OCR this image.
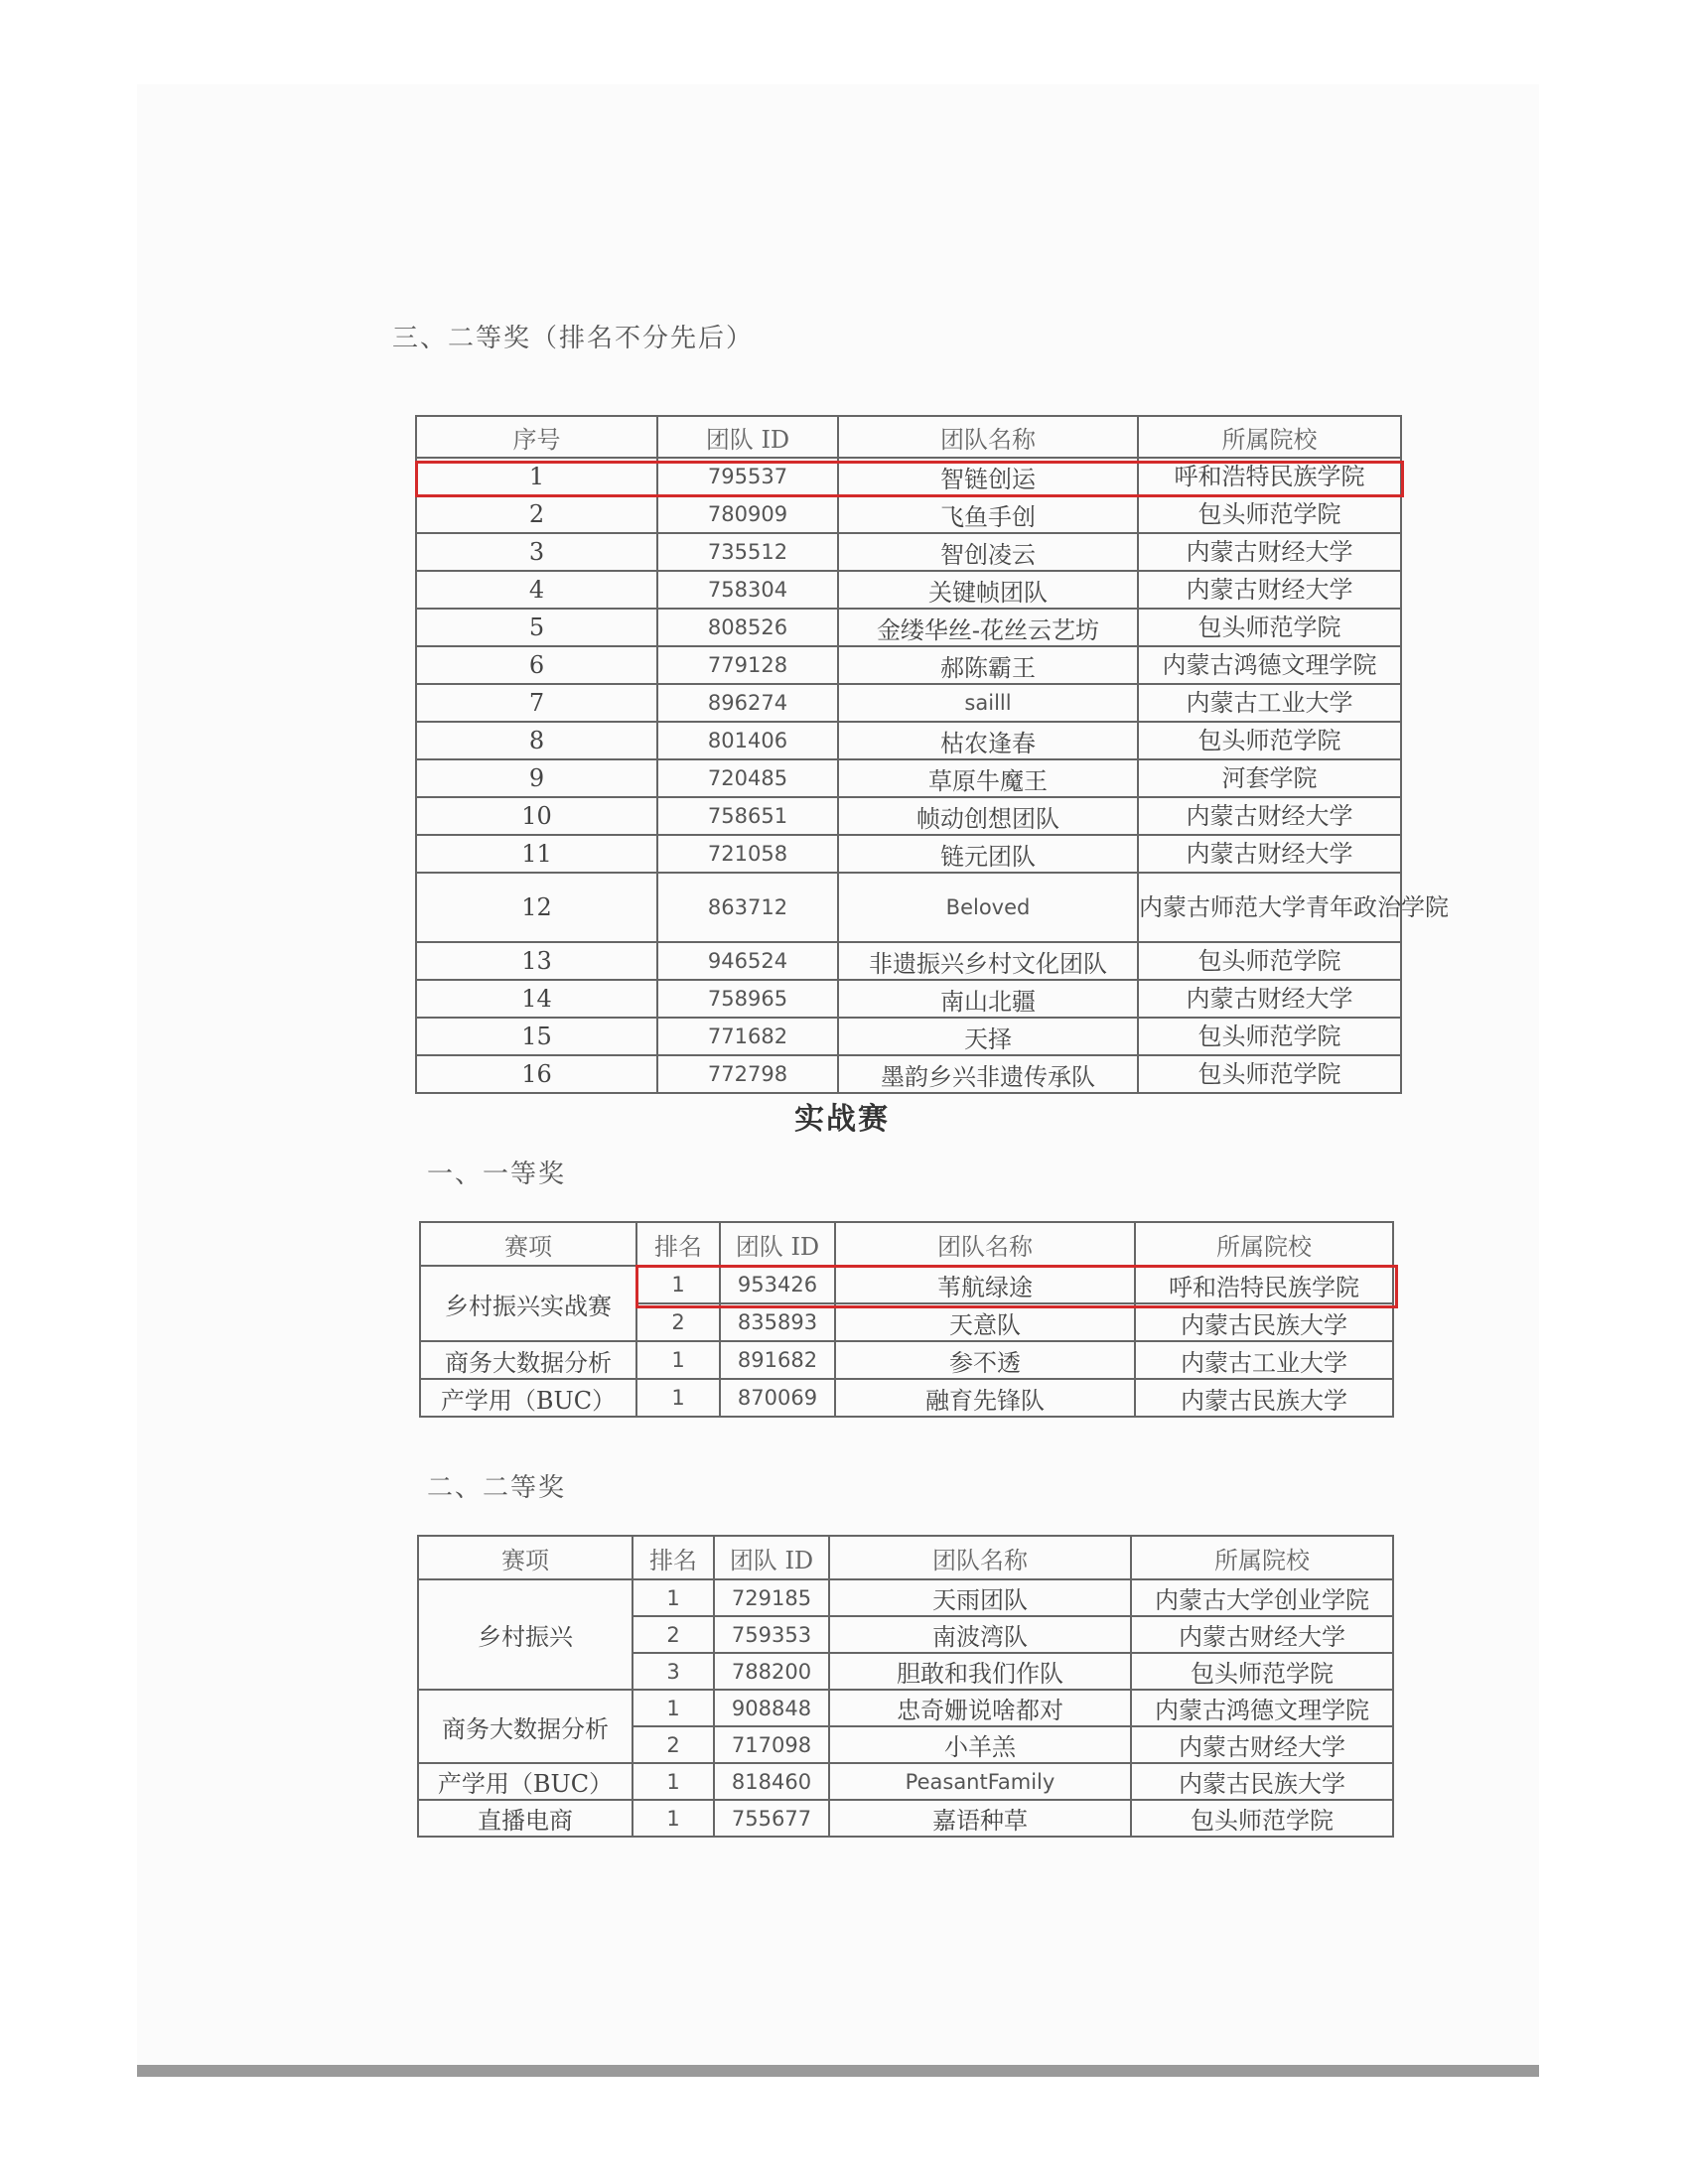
三、二等奖（排名不分先后）
序号	团队 ID	团队名称	所属院校
1	795537	智链创运	呼和浩特民族学院
2	780909	飞鱼手创	包头师范学院
3	735512	智创凌云	内蒙古财经大学
4	758304	关键帧团队	内蒙古财经大学
5	808526	金缕华丝-花丝云艺坊	包头师范学院
6	779128	郝陈霸王	内蒙古鸿德文理学院
7	896274	sailll	内蒙古工业大学
8	801406	枯农逢春	包头师范学院
9	720485	草原牛魔王	河套学院
10	758651	帧动创想团队	内蒙古财经大学
11	721058	链元团队	内蒙古财经大学
12	863712	Beloved	内蒙古师范大学青年政治学院
13	946524	非遗振兴乡村文化团队	包头师范学院
14	758965	南山北疆	内蒙古财经大学
15	771682	天择	包头师范学院
16	772798	墨韵乡兴非遗传承队	包头师范学院
实战赛
一、一等奖
赛项	排名	团队 ID	团队名称	所属院校
乡村振兴实战赛	1	953426	苇航绿途	呼和浩特民族学院
	2	835893	天意队	内蒙古民族大学
商务大数据分析	1	891682	参不透	内蒙古工业大学
产学用（BUC）	1	870069	融育先锋队	内蒙古民族大学
二、二等奖
赛项	排名	团队 ID	团队名称	所属院校
乡村振兴	1	729185	天雨团队	内蒙古大学创业学院
	2	759353	南波湾队	内蒙古财经大学
	3	788200	胆敢和我们作队	包头师范学院
商务大数据分析	1	908848	忠奇姗说啥都对	内蒙古鸿德文理学院
	2	717098	小羊羔	内蒙古财经大学
产学用（BUC）	1	818460	PeasantFamily	内蒙古民族大学
直播电商	1	755677	嘉语种草	包头师范学院
